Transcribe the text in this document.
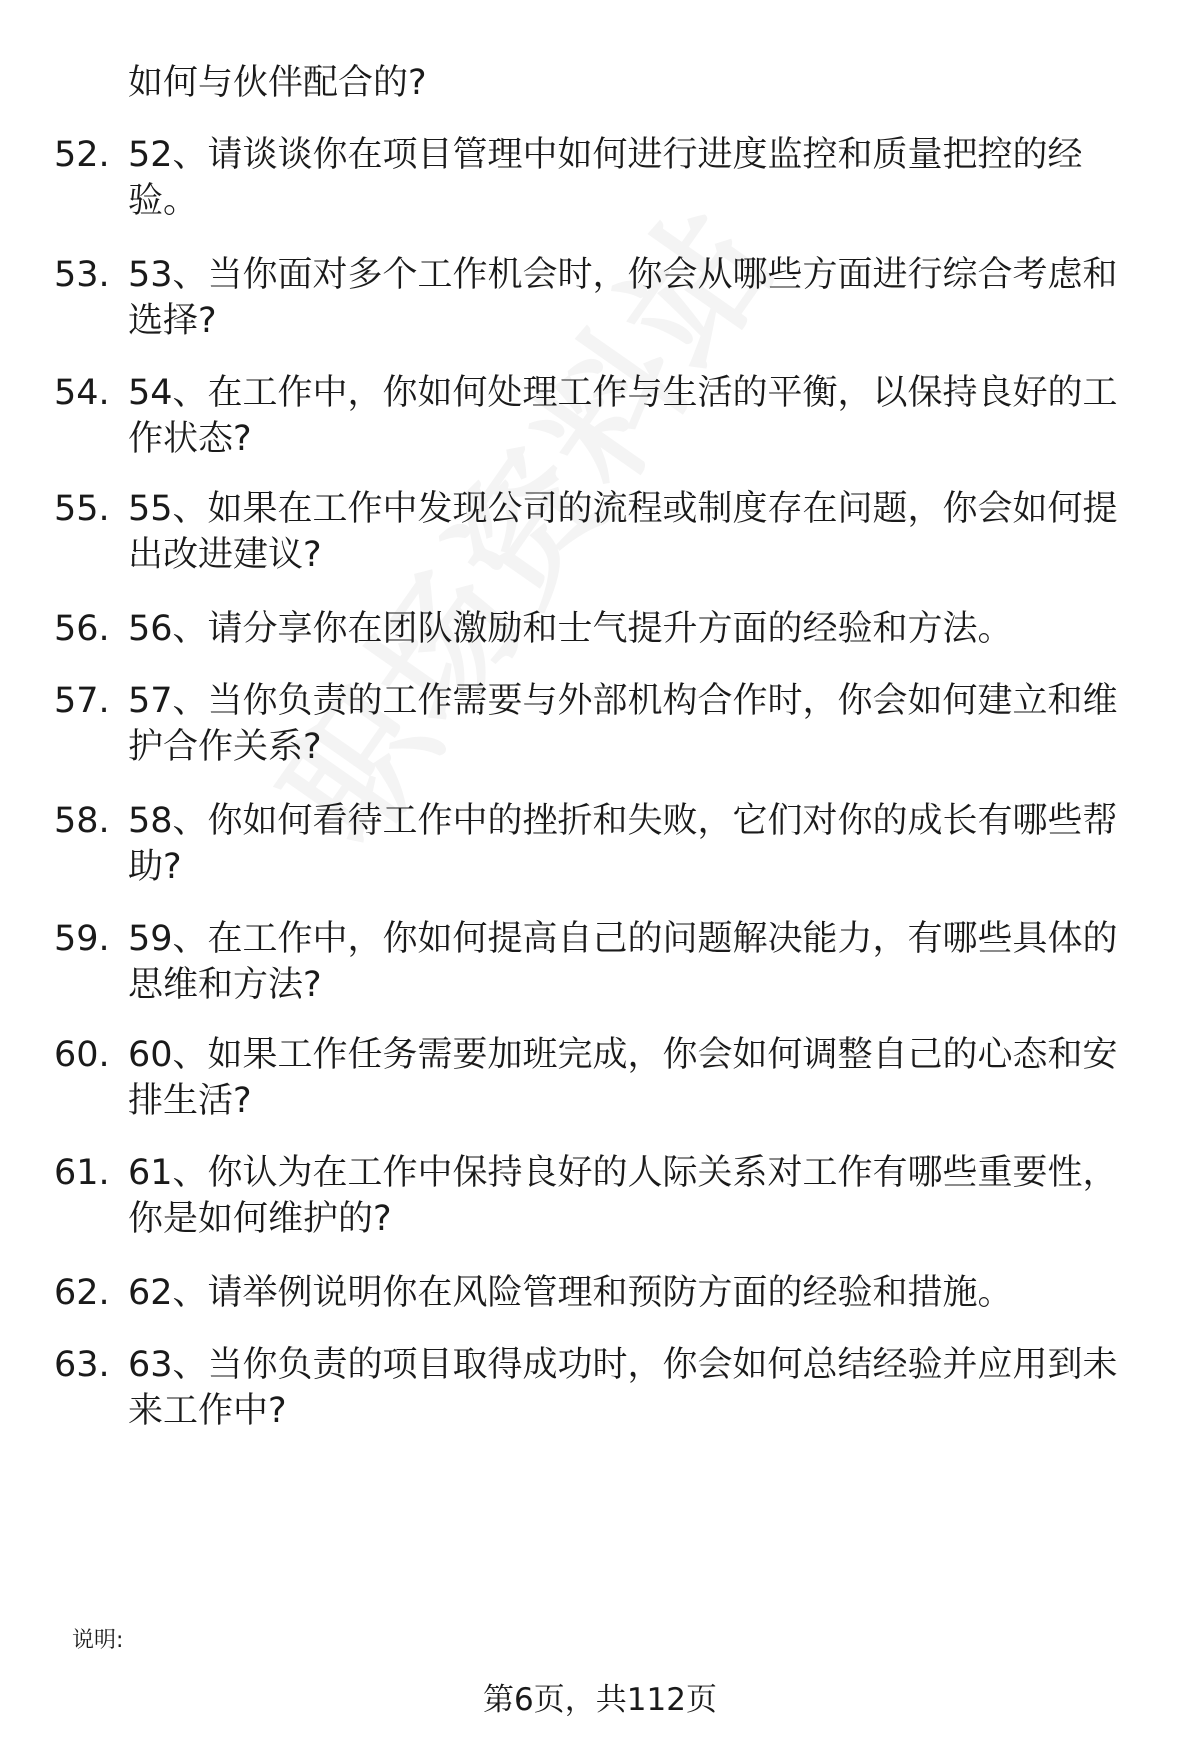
如何与伙伴配合的?
52. 52、请谈谈你在项目管理中如何进行进度监控和质量把控的经
验。
53. 53、当你面对多个工作机会时，你会从哪些方面进行综合考虑和
选择?
54. 54、在工作中，你如何处理工作与生活的平衡，以保持良好的工
作状态?
55. 55、如果在工作中发现公司的流程或制度存在问题，你会如何提
出改进建议?
56. 56、请分享你在团队激励和士气提升方面的经验和方法。
57. 57、当你负责的工作需要与外部机构合作时，你会如何建立和维
护合作关系?
58. 58、你如何看待工作中的挫折和失败，它们对你的成长有哪些帮
助?
59. 59、在工作中，你如何提高自己的问题解决能力，有哪些具体的
思维和方法?
60. 60、如果工作任务需要加班完成，你会如何调整自己的心态和安
排生活?
61. 61、你认为在工作中保持良好的人际关系对工作有哪些重要性，
你是如何维护的?
62. 62、请举例说明你在风险管理和预防方面的经验和措施。
63. 63、当你负责的项目取得成功时，你会如何总结经验并应用到未
来工作中?
说明:
第6页，共112页
